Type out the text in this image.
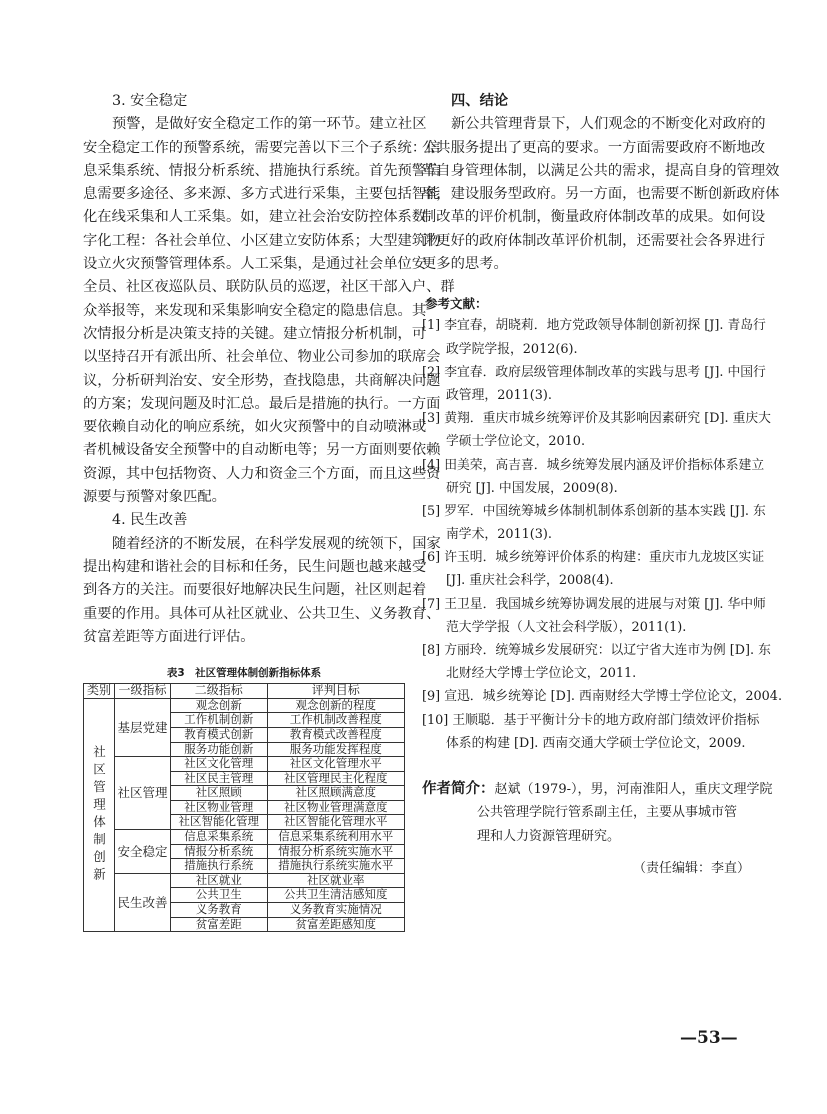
3. 安全稳定
预警，是做好安全稳定工作的第一环节。建立社区
安全稳定工作的预警系统，需要完善以下三个子系统：信
息采集系统、情报分析系统、措施执行系统。首先预警信
息需要多途径、多来源、多方式进行采集，主要包括智能
化在线采集和人工采集。如，建立社会治安防控体系数
字化工程：各社会单位、小区建立安防体系；大型建筑物
设立火灾预警管理体系。人工采集，是通过社会单位安
全员、社区夜巡队员、联防队员的巡逻，社区干部入户、群
众举报等，来发现和采集影响安全稳定的隐患信息。其
次情报分析是决策支持的关键。建立情报分析机制，可
以坚持召开有派出所、社会单位、物业公司参加的联席会
议，分析研判治安、安全形势，查找隐患，共商解决问题
的方案；发现问题及时汇总。最后是措施的执行。一方面
要依赖自动化的响应系统，如火灾预警中的自动喷淋或
者机械设备安全预警中的自动断电等；另一方面则要依赖
资源，其中包括物资、人力和资金三个方面，而且这些资
源要与预警对象匹配。
4. 民生改善
随着经济的不断发展，在科学发展观的统领下，国家
提出构建和谐社会的目标和任务，民生问题也越来越受
到各方的关注。而要很好地解决民生问题，社区则起着
重要的作用。具体可从社区就业、公共卫生、义务教育、
贫富差距等方面进行评估。
表3　社区管理体制创新指标体系
类别	一级指标	二级指标	评判目标
社区管理体制创新	基层党建	观念创新	观念创新的程度
		工作机制创新	工作机制改善程度
		教育模式创新	教育模式改善程度
		服务功能创新	服务功能发挥程度
	社区管理	社区文化管理	社区文化管理水平
		社区民主管理	社区管理民主化程度
		社区照顾	社区照顾满意度
		社区物业管理	社区物业管理满意度
		社区智能化管理	社区智能化管理水平
	安全稳定	信息采集系统	信息采集系统利用水平
		情报分析系统	情报分析系统实施水平
		措施执行系统	措施执行系统实施水平
	民生改善	社区就业	社区就业率
		公共卫生	公共卫生清洁感知度
		义务教育	义务教育实施情况
		贫富差距	贫富差距感知度
四、结论
新公共管理背景下，人们观念的不断变化对政府的
公共服务提出了更高的要求。一方面需要政府不断地改
革自身管理体制，以满足公共的需求，提高自身的管理效
率，建设服务型政府。另一方面，也需要不断创新政府体
制改革的评价机制，衡量政府体制改革的成果。如何设
计更好的政府体制改革评价机制，还需要社会各界进行
更多的思考。
参考文献：
[1] 李宜春，胡晓莉．地方党政领导体制创新初探 [J]. 青岛行
政学院学报，2012(6).
[2] 李宜春．政府层级管理体制改革的实践与思考 [J]. 中国行
政管理，2011(3).
[3] 黄翔．重庆市城乡统筹评价及其影响因素研究 [D]. 重庆大
学硕士学位论文，2010.
[4] 田美荣，高吉喜．城乡统筹发展内涵及评价指标体系建立
研究 [J]. 中国发展，2009(8).
[5] 罗军．中国统筹城乡体制机制体系创新的基本实践 [J]. 东
南学术，2011(3).
[6] 许玉明．城乡统筹评价体系的构建：重庆市九龙坡区实证
[J]. 重庆社会科学，2008(4).
[7] 王卫星．我国城乡统筹协调发展的进展与对策 [J]. 华中师
范大学学报（人文社会科学版），2011(1).
[8] 方丽玲．统筹城乡发展研究：以辽宁省大连市为例 [D]. 东
北财经大学博士学位论文，2011.
[9] 宣迅．城乡统筹论 [D]. 西南财经大学博士学位论文，2004.
[10] 王顺聪．基于平衡计分卡的地方政府部门绩效评价指标
体系的构建 [D]. 西南交通大学硕士学位论文，2009.
作者简介：赵斌（1979-），男，河南淮阳人，重庆文理学院
公共管理学院行管系副主任，主要从事城市管
理和人力资源管理研究。
（责任编辑：李直）
—53—
